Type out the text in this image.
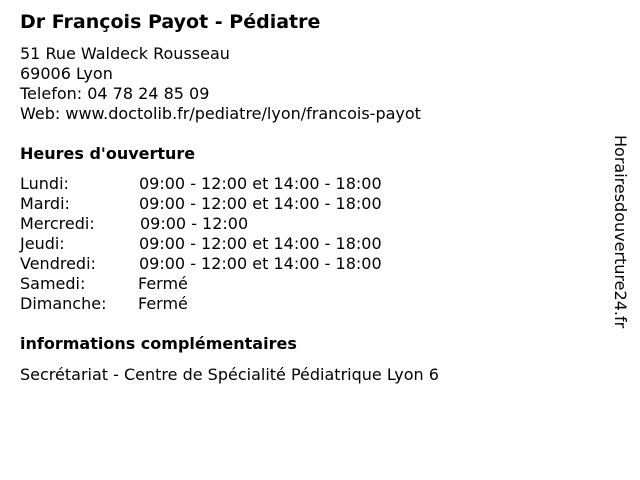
Dr François Payot - Pédiatre
51 Rue Waldeck Rousseau
69006 Lyon
Telefon: 04 78 24 85 09
Web: www.doctolib.fr/pediatre/lyon/francois-payot
Heures d'ouverture
Lundi:	09:00 - 12:00 et 14:00 - 18:00
Mardi:	09:00 - 12:00 et 14:00 - 18:00
Mercredi:	09:00 - 12:00
Jeudi:	09:00 - 12:00 et 14:00 - 18:00
Vendredi:	09:00 - 12:00 et 14:00 - 18:00
Samedi:	Fermé
Dimanche: Fermé
informations complémentaires
Secrétariat - Centre de Spécialité Pédiatrique Lyon 6
Horairesdouverture24.fr
